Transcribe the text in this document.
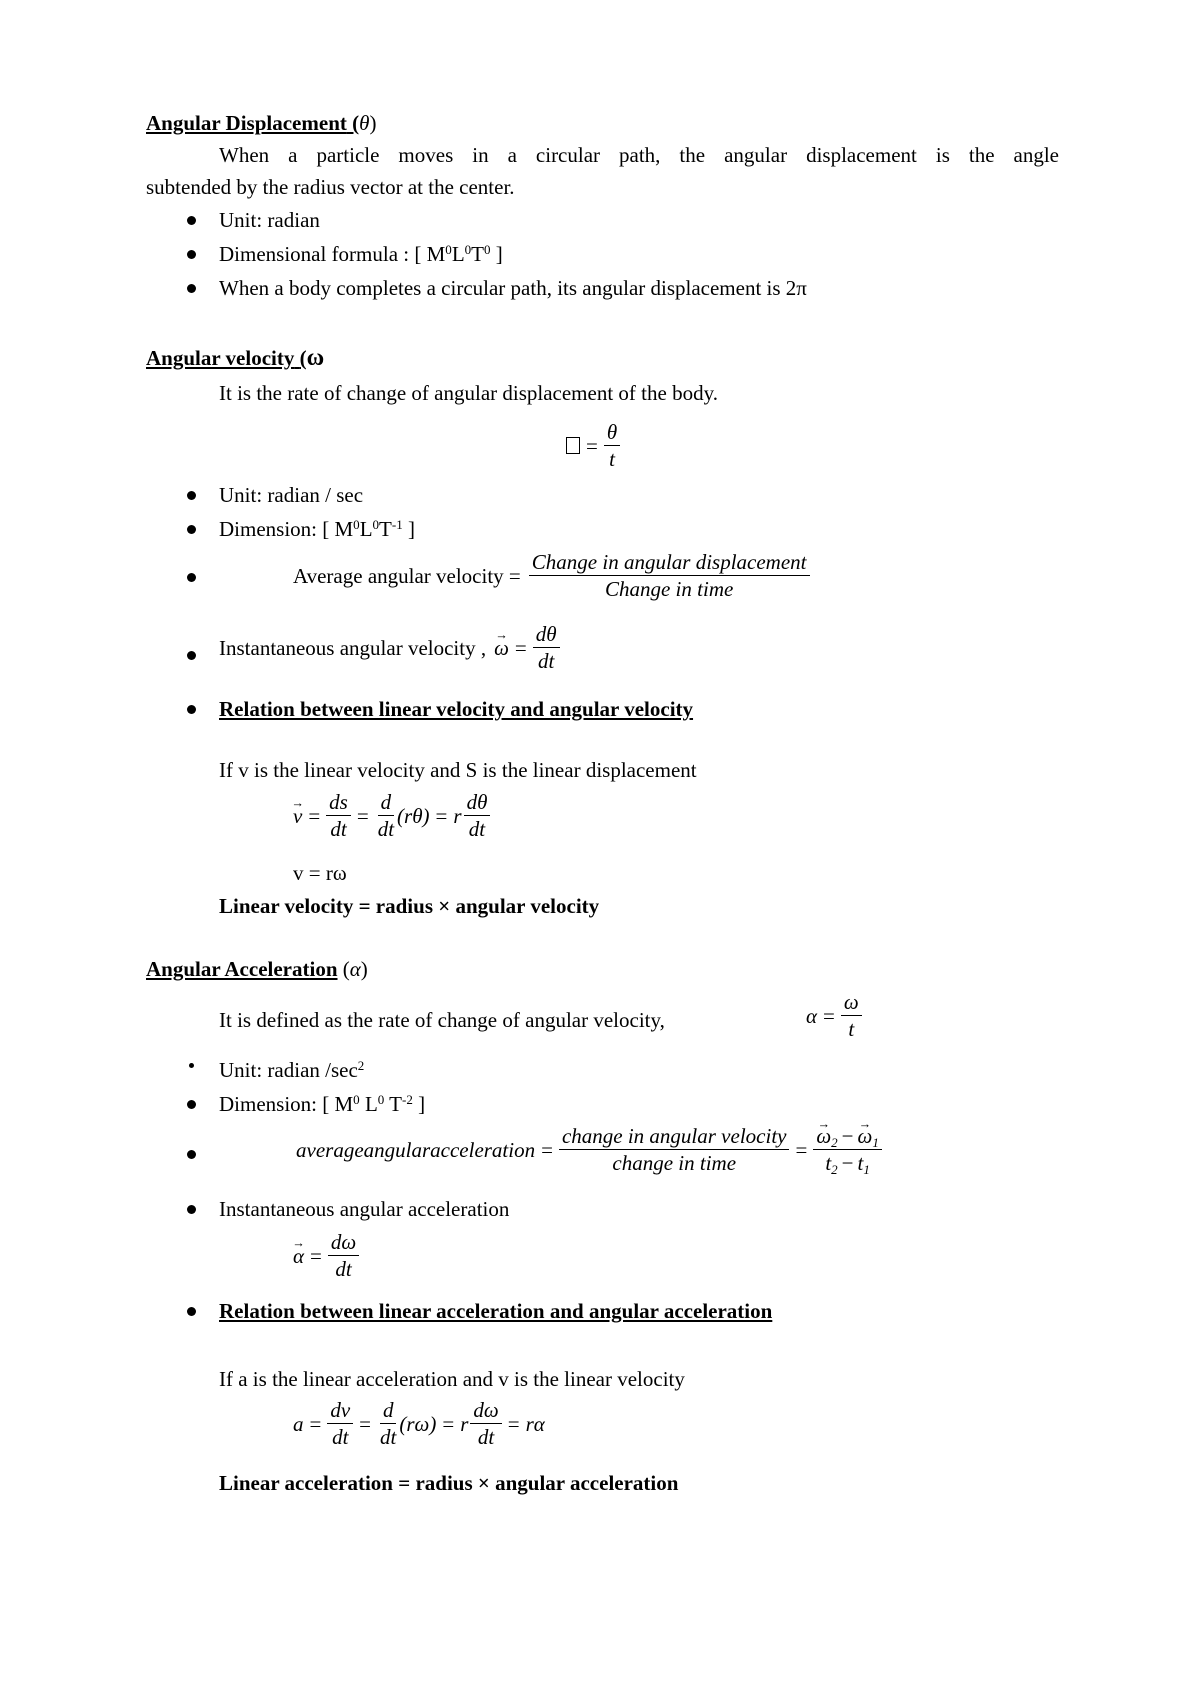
Angular Displacement (θ)
When a particle moves in a circular path, the angular displacement is the angle
subtended by the radius vector at the center.
Unit: radian
Dimensional formula : [ $M^0L^0T^0$ ]
When a body completes a circular path, its angular displacement is 2π
Angular velocity (ω
It is the rate of change of angular displacement of the body.
= $\frac{\theta}{t}$
Unit: radian / sec
Dimension: [ $M^0L^0T^{-1}$ ]
Average angular velocity = $\frac{\text{Change in angular displacement}}{\text{Change in time}}$
Instantaneous angular velocity , → $\omega = \frac{d\theta}{dt}$
Relation between linear velocity and angular velocity
If v is the linear velocity and S is the linear displacement
→ $v = \frac{ds}{dt} = \frac{d}{dt} (r\theta) = r \frac{d\theta}{dt}$
v = rω
Linear velocity = radius × angular velocity
Angular Acceleration (α)
It is defined as the rate of change of angular velocity,	$\alpha = \frac{\omega}{t}$
Unit: radian $/\sec^2$
Dimension: [ $M^0$ $L^0$ $T^{-2}$ ]
averageangularacceleration = $\frac{\text{change in angular velocity}}{\text{change in time}}$ = → $\frac{\omega_2 - \to \omega_1}{t_2 - t_1}$
Instantaneous angular acceleration
→ $\alpha = \frac{d\omega}{dt}$
Relation between linear acceleration and angular acceleration
If a is the linear acceleration and v is the linear velocity
$a = \frac{dv}{dt} = \frac{d}{dt} (r\omega) = r \frac{d\omega}{dt} = r\alpha$
Linear acceleration = radius × angular acceleration
